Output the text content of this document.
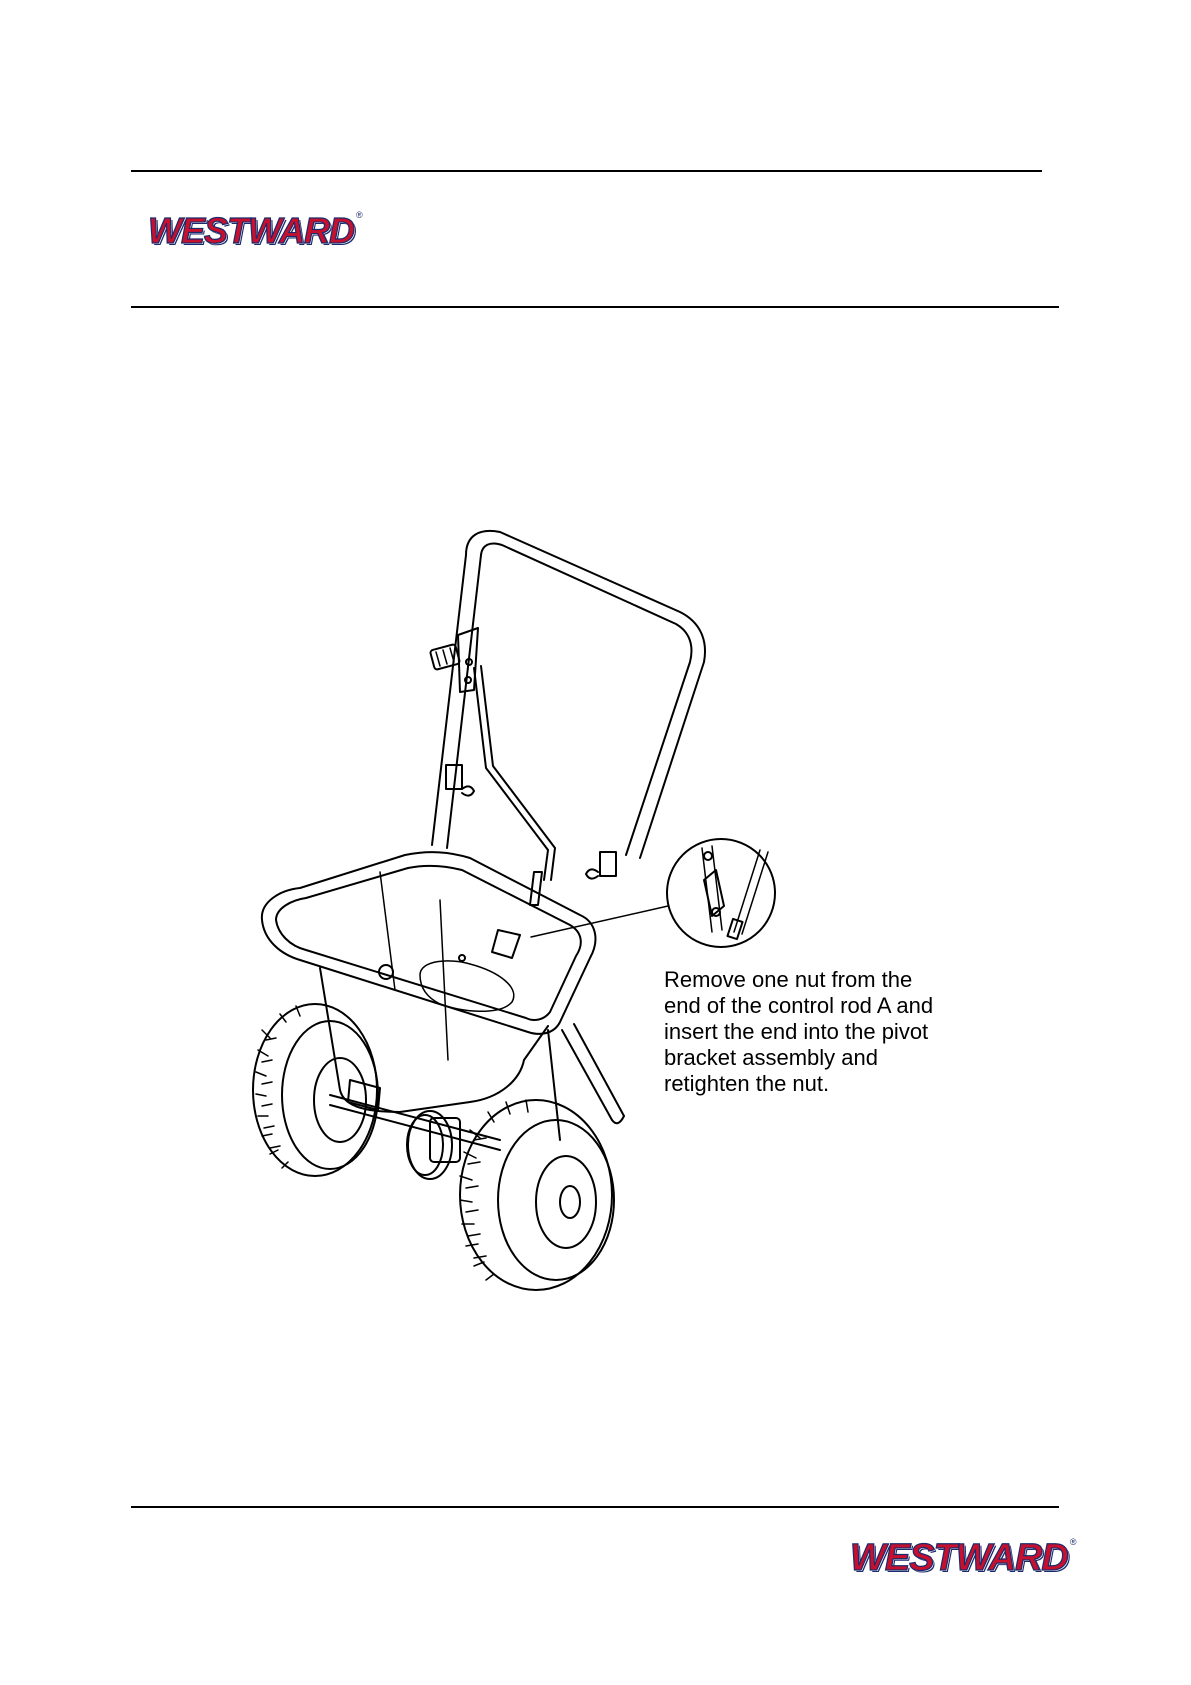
WESTWARD ®
Remove one nut from the
end of the control rod A and
insert the end into the pivot
bracket assembly and
retighten the nut.
WESTWARD ®
